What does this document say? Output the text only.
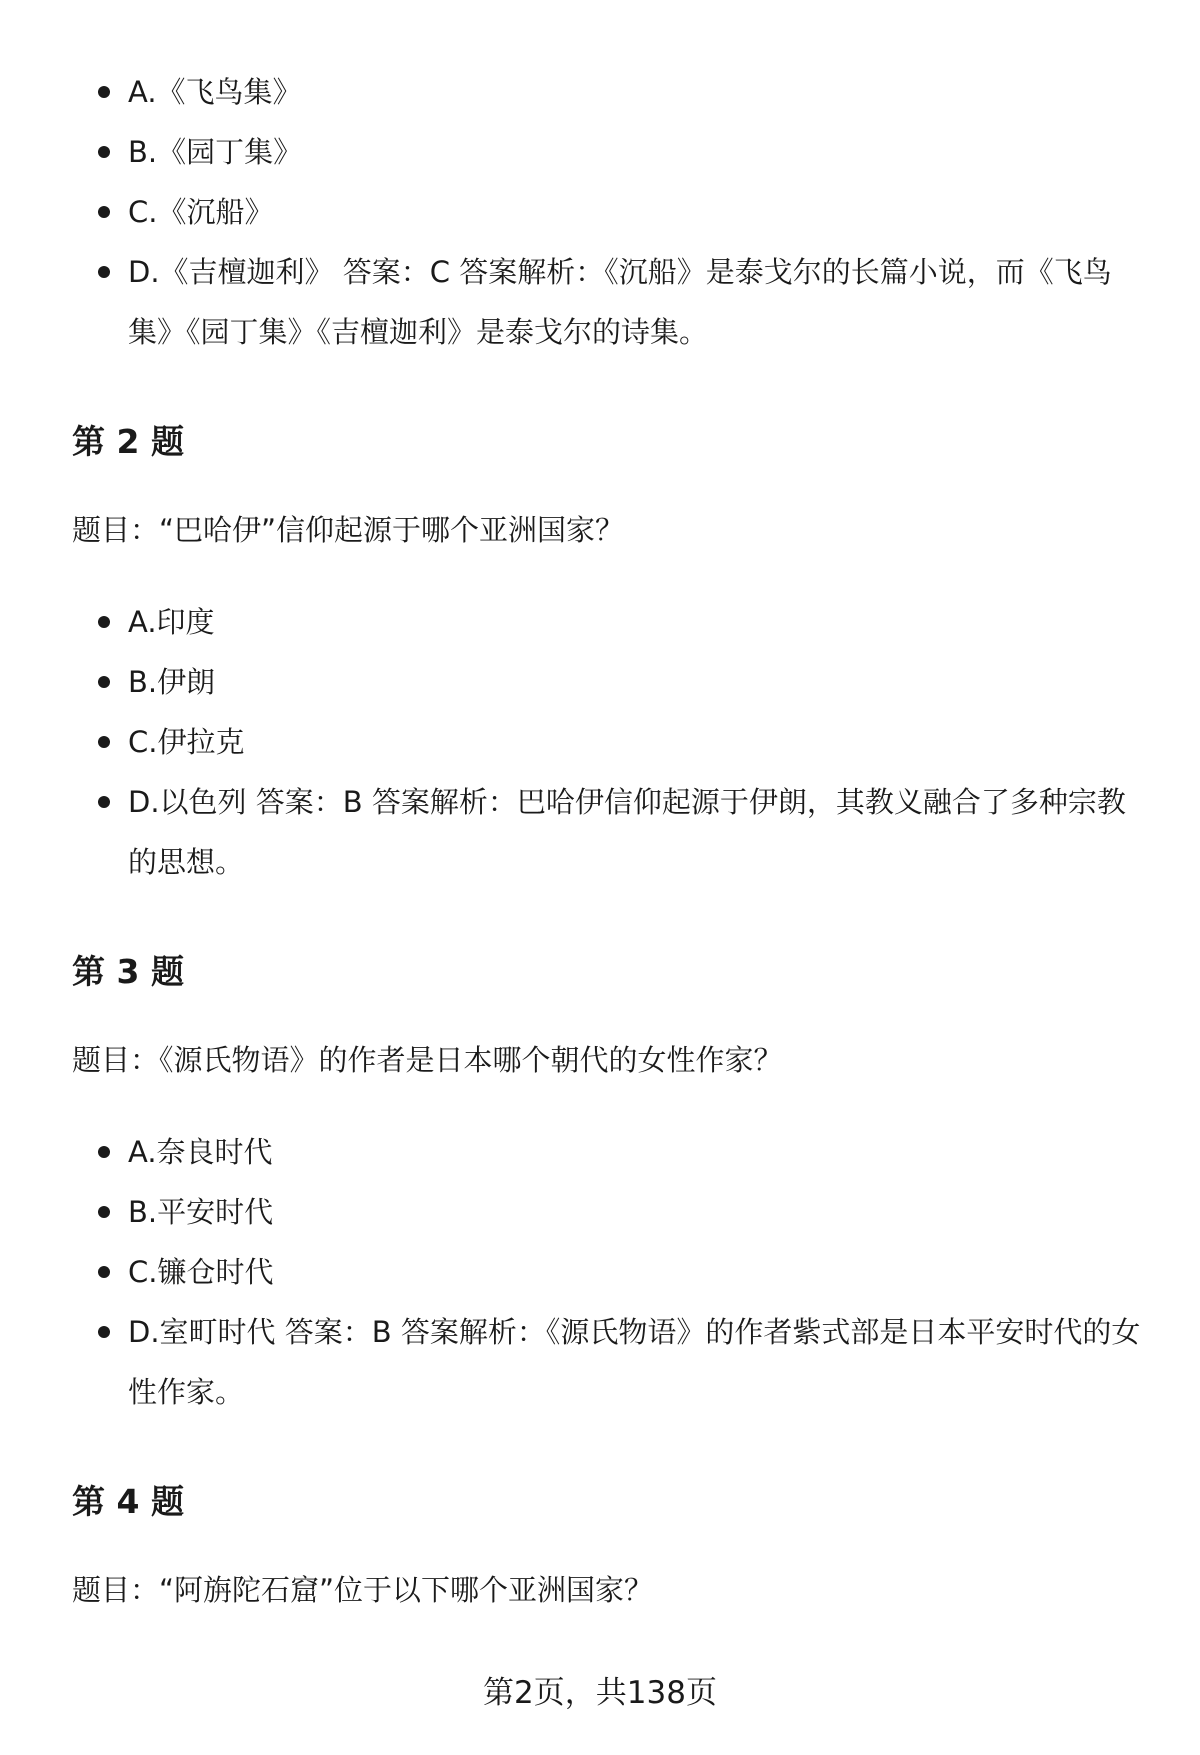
A.《飞鸟集》
B.《园丁集》
C.《沉船》
D.《吉檀迦利》 答案：C 答案解析：《沉船》是泰戈尔的长篇小说，而《飞鸟集》《园丁集》《吉檀迦利》是泰戈尔的诗集。
第 2 题

题目：“巴哈伊”信仰起源于哪个亚洲国家？

A.印度
B.伊朗
C.伊拉克
D.以色列 答案：B 答案解析：巴哈伊信仰起源于伊朗，其教义融合了多种宗教的思想。
第 3 题

题目：《源氏物语》的作者是日本哪个朝代的女性作家？

A.奈良时代
B.平安时代
C.镰仓时代
D.室町时代 答案：B 答案解析：《源氏物语》的作者紫式部是日本平安时代的女性作家。
第 4 题

题目：“阿旃陀石窟”位于以下哪个亚洲国家？

第2页，共138页
